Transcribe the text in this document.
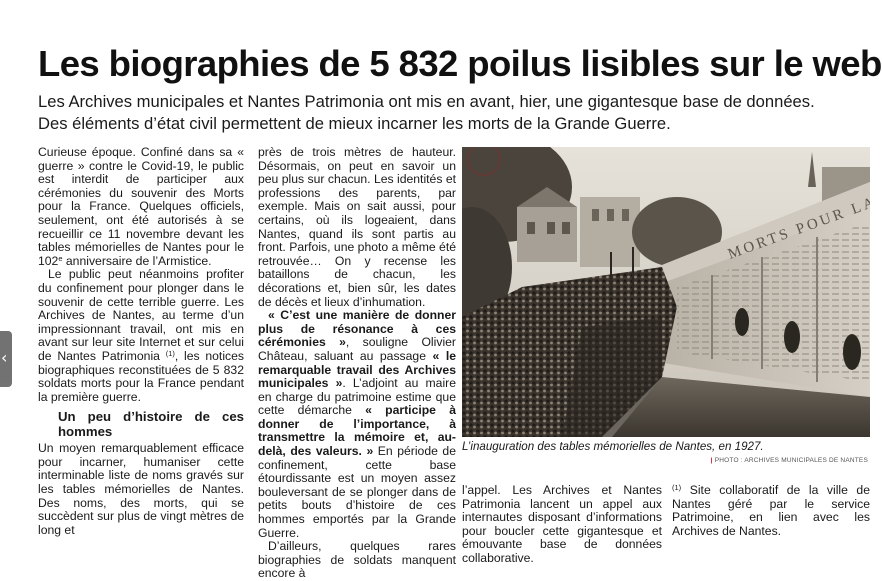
Les biographies de 5 832 poilus lisibles sur le web

Les Archives municipales et Nantes Patrimonia ont mis en avant, hier, une gigantesque base de données. Des éléments d’état civil permettent de mieux incarner les morts de la Grande Guerre.

Curieuse époque. Confiné dans sa « guerre » contre le Covid-19, le public est interdit de participer aux cérémonies du souvenir des Morts pour la France. Quelques officiels, seulement, ont été autorisés à se recueillir ce 11 novembre devant les tables mémorielles de Nantes pour le 102e anniversaire de l’Armistice.

Le public peut néanmoins profiter du confinement pour plonger dans le souvenir de cette terrible guerre. Les Archives de Nantes, au terme d’un impressionnant travail, ont mis en avant sur leur site Internet et sur celui de Nantes Patrimonia $^{(1)}$, les notices biographiques reconstituées de 5 832 soldats morts pour la France pendant la première guerre.

Un peu d’histoire de ces hommes

Un moyen remarquablement efficace pour incarner, humaniser cette interminable liste de noms gravés sur les tables mémorielles de Nantes. Des noms, des morts, qui se succèdent sur plus de vingt mètres de long et

près de trois mètres de hauteur. Désormais, on peut en savoir un peu plus sur chacun. Les identités et professions des parents, par exemple. Mais on sait aussi, pour certains, où ils logeaient, dans Nantes, quand ils sont partis au front. Parfois, une photo a même été retrouvée… On y recense les bataillons de chacun, les décorations et, bien sûr, les dates de décès et lieux d’inhumation.

« C’est une manière de donner plus de résonance à ces cérémonies », souligne Olivier Château, saluant au passage « le remarquable travail des Archives municipales ». L’adjoint au maire en charge du patrimoine estime que cette démarche « participe à donner de l’importance, à transmettre la mémoire et, au-delà, des valeurs. » En période de confinement, cette base étourdissante est un moyen assez bouleversant de se plonger dans de petits bouts d’histoire de ces hommes emportés par la Grande Guerre.

D’ailleurs, quelques rares biographies de soldats manquent encore à

L’inauguration des tables mémorielles de Nantes, en 1927.
| PHOTO : ARCHIVES MUNICIPALES DE NANTES

l’appel. Les Archives et Nantes Patrimonia lancent un appel aux internautes disposant d’informations pour boucler cette gigantesque et émouvante base de données collaborative.

$^{(1)}$ Site collaboratif de la ville de Nantes géré par le service Patrimoine, en lien avec les Archives de Nantes.

‹
